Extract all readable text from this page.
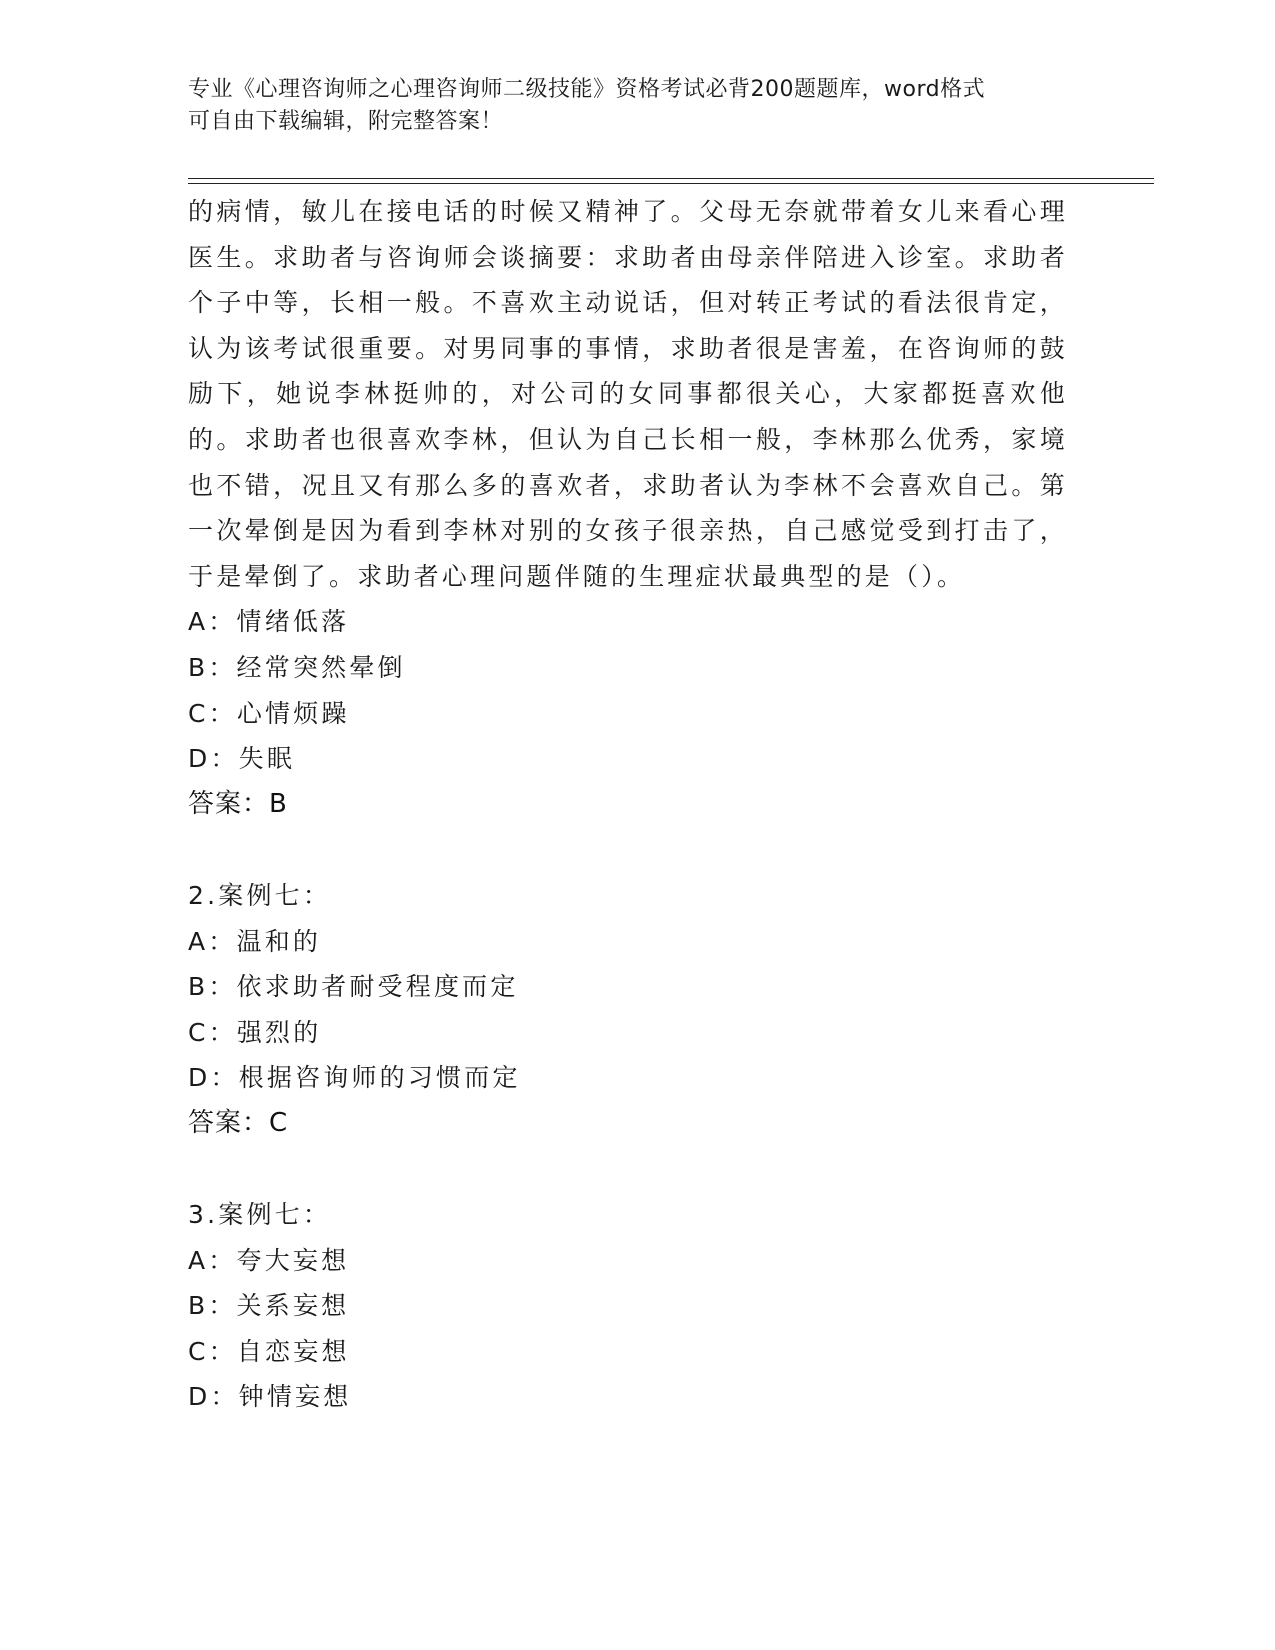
专业《心理咨询师之心理咨询师二级技能》资格考试必背200题题库，word格式
可自由下载编辑，附完整答案！

的病情，敏儿在接电话的时候又精神了。父母无奈就带着女儿来看心理医生。求助者与咨询师会谈摘要：求助者由母亲伴陪进入诊室。求助者个子中等，长相一般。不喜欢主动说话，但对转正考试的看法很肯定，认为该考试很重要。对男同事的事情，求助者很是害羞，在咨询师的鼓励下，她说李林挺帅的，对公司的女同事都很关心，大家都挺喜欢他的。求助者也很喜欢李林，但认为自己长相一般，李林那么优秀，家境也不错，况且又有那么多的喜欢者，求助者认为李林不会喜欢自己。第一次晕倒是因为看到李林对别的女孩子很亲热，自己感觉受到打击了，于是晕倒了。求助者心理问题伴随的生理症状最典型的是（）。

A：情绪低落

B：经常突然晕倒

C：心情烦躁

D：失眠

答案：B

2.案例七：

A：温和的

B：依求助者耐受程度而定

C：强烈的

D：根据咨询师的习惯而定

答案：C

3.案例七：

A：夸大妄想

B：关系妄想

C：自恋妄想

D：钟情妄想
